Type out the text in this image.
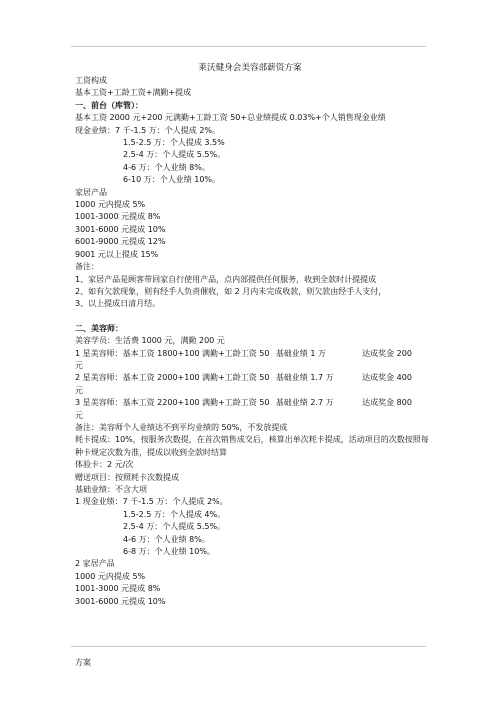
莱沃健身会美容部薪资方案
工资构成
基本工资+工龄工资+满勤+提成
一、前台（库管）：
基本工资 2000 元+200 元满勤+工龄工资 50+总业绩提成 0.03%+个人销售现金业绩
现金业绩：7 千-1.5 万：个人提成 2%。
1.5-2.5 万：个人提成 3.5%
2.5-4 万：个人提成 5.5%。
4-6 万：个人业绩 8%。
6-10 万：个人业绩 10%。
家居产品
1000 元内提成 5%
1001-3000 元提成 8%
3001-6000 元提成 10%
6001-9000 元提成 12%
9001 元以上提成 15%
备注：
1、家居产品是顾客带回家自行使用产品，点内部提供任何服务，收到全款时计提提成
2、如有欠款现象，则有经手人负责催收，如 2 月内未完成收款，则欠款由经手人支付，
3、以上提成日清月结。
二、美容师：
美容学员：生活费 1000 元，满勤 200 元
1 星美容师：基本工资 1800+100 满勤+工龄工资 50 基础业绩 1 万	达成奖金 200
元
2 星美容师：基本工资 2000+100 满勤+工龄工资 50 基础业绩 1.7 万	达成奖金 400
元
3 星美容师：基本工资 2200+100 满勤+工龄工资 50 基础业绩 2.7 万	达成奖金 800
元
备注：美容师个人业绩达不到平均业绩的 50%，不发放提成
耗卡提成：10%，按服务次数提，在首次销售成交后，核算出单次耗卡提成，活动项目的次数按照每种卡规定次数为准，提成以收到全款时结算
体验卡：2 元/次
赠送项目：按照耗卡次数提成
基础业绩：不含大项
1 现金业绩：7 千-1.5 万：个人提成 2%。
1.5-2.5 万：个人提成 4%。
2.5-4 万：个人提成 5.5%。
4-6 万：个人业绩 8%。
6-8 万：个人业绩 10%。
2 家居产品
1000 元内提成 5%
1001-3000 元提成 8%
3001-6000 元提成 10%
方案
